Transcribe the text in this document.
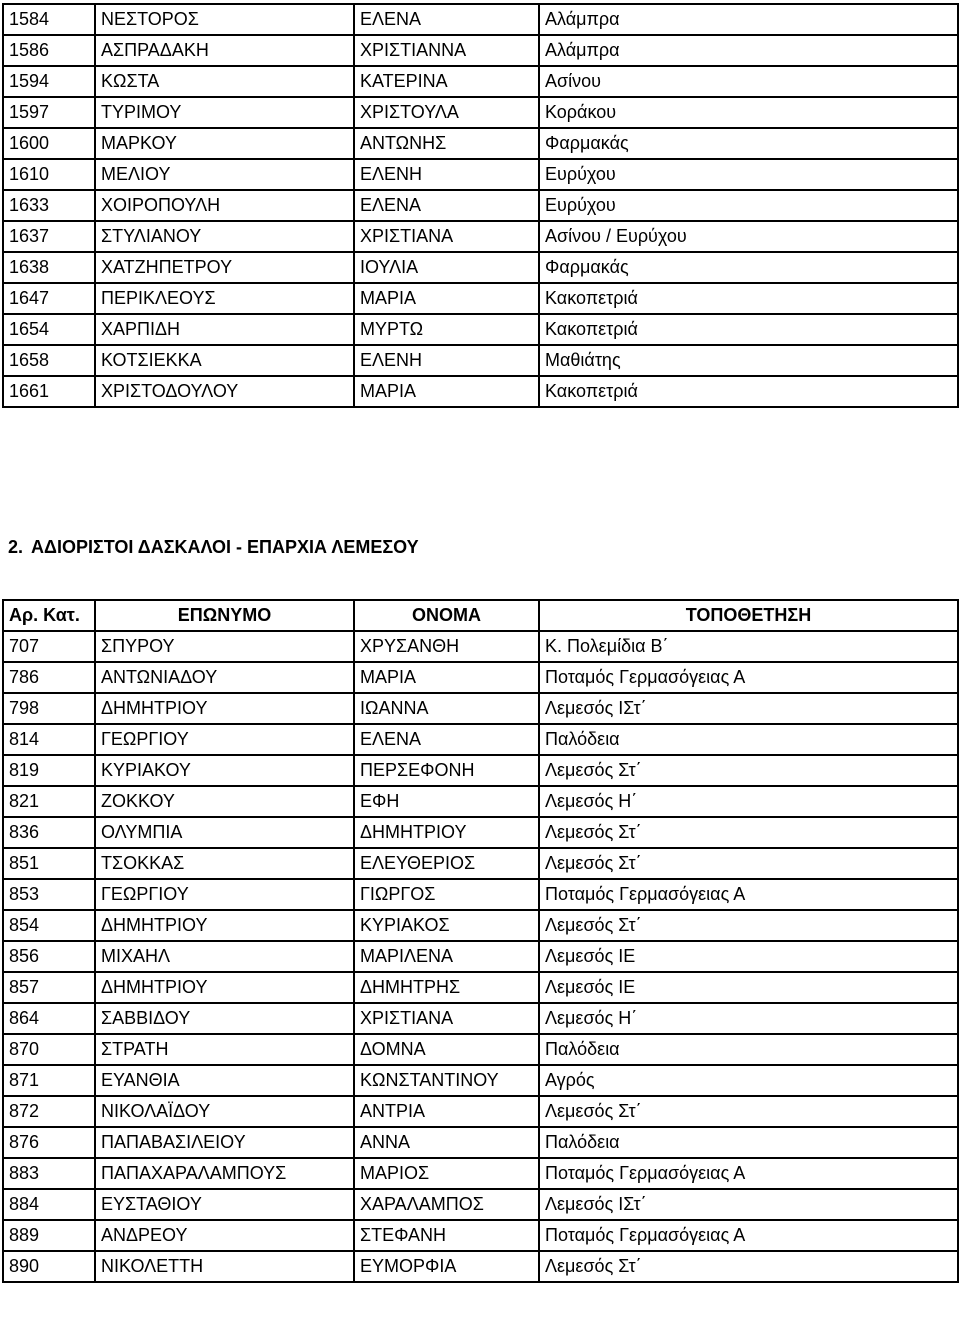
1584	ΝΕΣΤΟΡΟΣ	ΕΛΕΝΑ	Αλάμπρα
1586	ΑΣΠΡΑΔΑΚΗ	ΧΡΙΣΤΙΑΝΝΑ	Αλάμπρα
1594	ΚΩΣΤΑ	ΚΑΤΕΡΙΝΑ	Ασίνου
1597	ΤΥΡΙΜΟΥ	ΧΡΙΣΤΟΥΛΑ	Κοράκου
1600	ΜΑΡΚΟΥ	ΑΝΤΩΝΗΣ	Φαρμακάς
1610	ΜΕΛΙΟΥ	ΕΛΕΝΗ	Ευρύχου
1633	ΧΟΙΡΟΠΟΥΛΗ	ΕΛΕΝΑ	Ευρύχου
1637	ΣΤΥΛΙΑΝΟΥ	ΧΡΙΣΤΙΑΝΑ	Ασίνου / Ευρύχου
1638	ΧΑΤΖΗΠΕΤΡΟΥ	ΙΟΥΛΙΑ	Φαρμακάς
1647	ΠΕΡΙΚΛΕΟΥΣ	ΜΑΡΙΑ	Κακοπετριά
1654	ΧΑΡΠΙΔΗ	ΜΥΡΤΩ	Κακοπετριά
1658	ΚΟΤΣΙΕΚΚΑ	ΕΛΕΝΗ	Μαθιάτης
1661	ΧΡΙΣΤΟΔΟΥΛΟΥ	ΜΑΡΙΑ	Κακοπετριά
2. ΑΔΙΟΡΙΣΤΟΙ ΔΑΣΚΑΛΟΙ - ΕΠΑΡΧΙΑ ΛΕΜΕΣΟΥ
Αρ. Κατ.	ΕΠΩΝΥΜΟ	ΟΝΟΜΑ	ΤΟΠΟΘΕΤΗΣΗ
707	ΣΠΥΡΟΥ	ΧΡΥΣΑΝΘΗ	Κ. Πολεμίδια Β΄
786	ΑΝΤΩΝΙΑΔΟΥ	ΜΑΡΙΑ	Ποταμός Γερμασόγειας Α
798	ΔΗΜΗΤΡΙΟΥ	ΙΩΑΝΝΑ	Λεμεσός ΙΣτ΄
814	ΓΕΩΡΓΙΟΥ	ΕΛΕΝΑ	Παλόδεια
819	ΚΥΡΙΑΚΟΥ	ΠΕΡΣΕΦΟΝΗ	Λεμεσός Στ΄
821	ΖΟΚΚΟΥ	ΕΦΗ	Λεμεσός Η΄
836	ΟΛΥΜΠΙΑ	ΔΗΜΗΤΡΙΟΥ	Λεμεσός Στ΄
851	ΤΣΟΚΚΑΣ	ΕΛΕΥΘΕΡΙΟΣ	Λεμεσός Στ΄
853	ΓΕΩΡΓΙΟΥ	ΓΙΩΡΓΟΣ	Ποταμός Γερμασόγειας Α
854	ΔΗΜΗΤΡΙΟΥ	ΚΥΡΙΑΚΟΣ	Λεμεσός Στ΄
856	ΜΙΧΑΗΛ	ΜΑΡΙΛΕΝΑ	Λεμεσός ΙΕ
857	ΔΗΜΗΤΡΙΟΥ	ΔΗΜΗΤΡΗΣ	Λεμεσός ΙΕ
864	ΣΑΒΒΙΔΟΥ	ΧΡΙΣΤΙΑΝΑ	Λεμεσός Η΄
870	ΣΤΡΑΤΗ	ΔΟΜΝΑ	Παλόδεια
871	ΕΥΑΝΘΙΑ	ΚΩΝΣΤΑΝΤΙΝΟΥ	Αγρός
872	ΝΙΚΟΛΑΪΔΟΥ	ΑΝΤΡΙΑ	Λεμεσός Στ΄
876	ΠΑΠΑΒΑΣΙΛΕΙΟΥ	ΑΝΝΑ	Παλόδεια
883	ΠΑΠΑΧΑΡΑΛΑΜΠΟΥΣ	ΜΑΡΙΟΣ	Ποταμός Γερμασόγειας Α
884	ΕΥΣΤΑΘΙΟΥ	ΧΑΡΑΛΑΜΠΟΣ	Λεμεσός ΙΣτ΄
889	ΑΝΔΡΕΟΥ	ΣΤΕΦΑΝΗ	Ποταμός Γερμασόγειας Α
890	ΝΙΚΟΛΕΤΤΗ	ΕΥΜΟΡΦΙΑ	Λεμεσός Στ΄
